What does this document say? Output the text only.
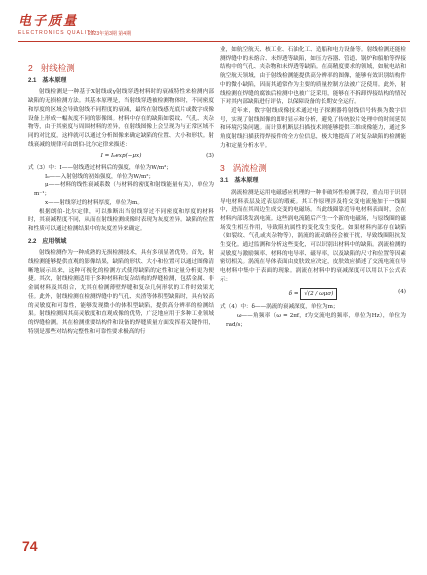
电子质量
ELECTRONICS QUALITY
2023年第3期 第4期
2 射线检测
2.1 基本原理

射线检测是一种基于X射线或γ射线穿透材料时的衰减特性来检测内部缺陷的无损检测方法。其基本原理是，当射线穿透被检测物体时，不同密度和厚度的区域会导致射线不同程度的衰减，最终在射线感光底片或数字成像设备上形成一幅灰度不同的影像图。材料中存在的缺陷如裂纹、气孔、夹杂物等，由于其密度与周围材料的差异，在射线图像上会呈现为与正常区域不同的对比度，这样就可以通过分析图像来确定缺陷的位置、大小和形状。射线衰减的规律可由朗伯-比尔定律来描述：

I = I₀exp(−μx)	(3)

式（3）中：I——射线透过材料后的强度，单位为W/m²；

I₀——入射射线的初始强度，单位为W/m²；

μ——材料的线性衰减系数（与材料的密度和射线能量有关），单位为m⁻¹；

x——射线穿过的材料厚度，单位为m。

根据朗伯-比尔定律，可以推断出当射线穿过不同密度和厚度的材料时，其衰减程度不同，从而在射线检测成像时表现为灰度差异。缺陷的位置和性质可以通过检测结果中的灰度差异来确定。

2.2 应用领域

射线检测作为一种成熟的无损检测技术，具有多项显著优势。首先，射线检测能够提供直观的影像结果，缺陷的形状、大小和位置可以通过图像清晰地展示出来，这种可视化的检测方式使得缺陷的定性和定量分析更为便捷。其次，射线检测适用于多种材料和复杂结构的焊缝检测，包括金属、非金属材料及其组合，尤其在检测薄壁焊缝和复杂几何形状的工件时效果尤佳。此外，射线检测在检测焊缝中的气孔、夹渣等体积型缺陷时，具有较高的灵敏度和可靠性，能够发现微小的体积型缺陷，提供高分辨率的检测结果。射线检测因其高灵敏度和直观成像的优势，广泛地应用于多种工业领域的焊缝检测。其在检测重要结构件和设备的焊缝质量方面发挥着关键作用，特别是那些对结构完整性和可靠性要求极高的行

业，如航空航天、核工业、石油化工、造船和电力设备等。射线检测还能检测焊缝中的未熔合、未焊透等缺陷，如压力容器、管道、锅炉和船舶等焊接结构中的气孔、夹杂物和未焊透等缺陷。在高精度要求的领域，如航电站和航空航天领域，由于射线检测能提供高分辨率的图像，能够有效识别结构件中的微小缺陷，因而其通常作为主要的质量控制方法被广泛使用。此外，射线检测在焊缝的腐蚀后检测中也被广泛采用，能够在不拆卸焊接结构的情况下对其内部缺陷进行评估，以保障设备的长期安全运行。

近年来，数字射线成像技术通过电子探测器将射线信号转换为数字信号，实现了射线图像的即时显示和分析，避免了传统胶片处理中的时间延误和环境污染问题。而计算机断层扫描技术则能够提供三维成像能力，通过多角度射线扫描获得焊接件的全方位信息，极大地提高了对复杂缺陷的检测能力和定量分析水平。

3 涡流检测
3.1 基本原理

涡流检测是运用电磁感应机理的一种非破坏性检测手段，重点用于识别导电材料表层及近表层的瑕疵。其工作原理涉及将交变电流施加于一线圈中，进而在其周边生成交变的电磁场。当此线圈靠近导电材料表面时，会在材料内部诱发涡电流。这些涡电流随后产生一个新的电磁场，与原线圈的磁场发生相互作用，导致阻抗属性的变化发生变化。如果材料内部存在缺陷（如裂纹、气孔或夹杂物等），涡流的流动路径会被干扰，导致线圈阻抗发生变化。通过监测和分析这些变化，可以识别出材料中的缺陷。涡流检测的灵敏度与激励频率、材料的电导率、磁导率，以及缺陷的尺寸和位置等因素密切相关。涡流在导体表面由皮肤效应决定，皮肤效应描述了交流电流在导电材料中集中于表面的现象。涡流在材料中的衰减深度可以用以下公式表示：

δ = √(2 / ωμσ)	(4)

式（4）中：δ——涡流的衰减深度，单位为m；

ω——角频率（ω = 2πf，f为交流电的频率，单位为Hz），单位为rad/s；

74
